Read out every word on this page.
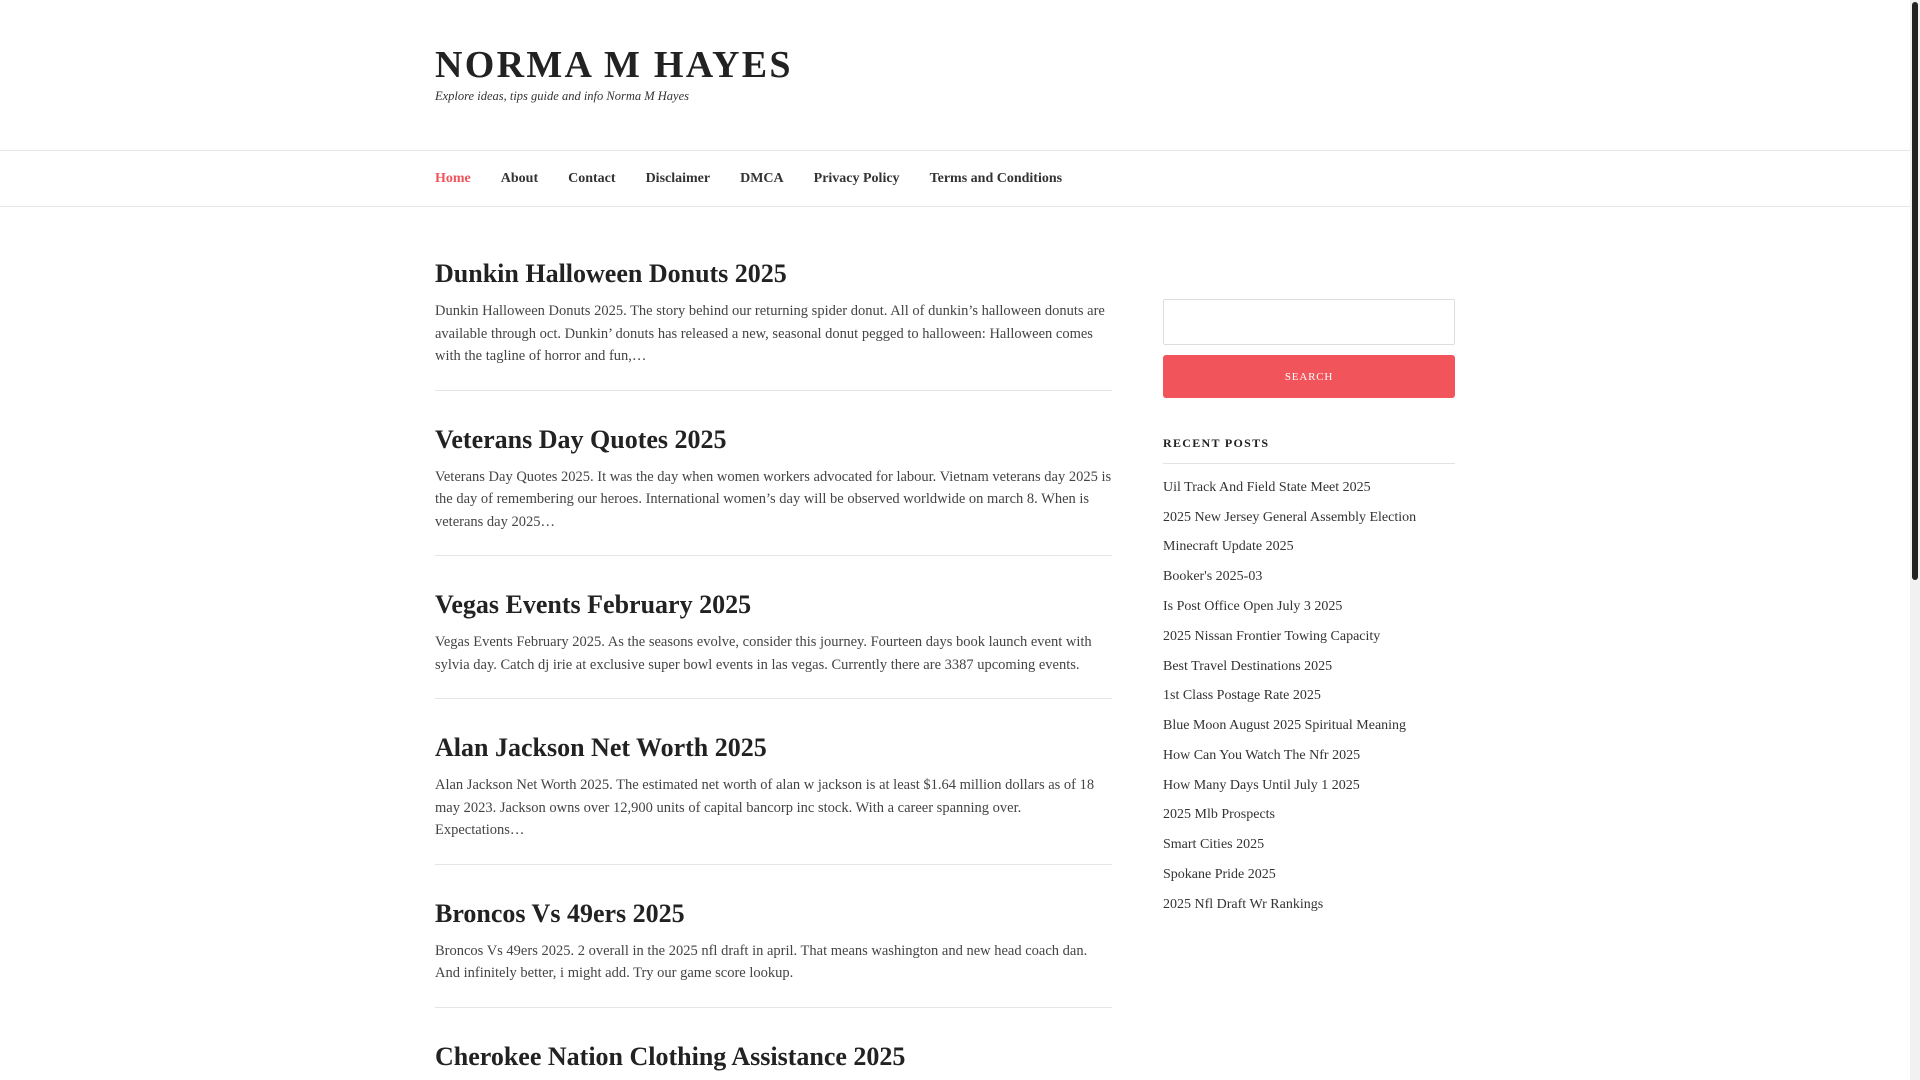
NORMA M HAYES
Explore ideas, tips guide and info Norma M Hayes
Home About Contact Disclaimer DMCA Privacy Policy Terms and Conditions
Dunkin Halloween Donuts 2025

Dunkin Halloween Donuts 2025. The story behind our returning spider donut. All of dunkin’s halloween donuts are available through oct. Dunkin’ donuts has released a new, seasonal donut pegged to halloween: Halloween comes with the tagline of horror and fun,…

Veterans Day Quotes 2025

Veterans Day Quotes 2025. It was the day when women workers advocated for labour. Vietnam veterans day 2025 is the day of remembering our heroes. International women’s day will be observed worldwide on march 8. When is veterans day 2025…

Vegas Events February 2025

Vegas Events February 2025. As the seasons evolve, consider this journey. Fourteen days book launch event with sylvia day. Catch dj irie at exclusive super bowl events in las vegas. Currently there are 3387 upcoming events.

Alan Jackson Net Worth 2025

Alan Jackson Net Worth 2025. The estimated net worth of alan w jackson is at least $1.64 million dollars as of 18 may 2023. Jackson owns over 12,900 units of capital bancorp inc stock. With a career spanning over. Expectations…

Broncos Vs 49ers 2025

Broncos Vs 49ers 2025. 2 overall in the 2025 nfl draft in april. That means washington and new head coach dan. And infinitely better, i might add. Try our game score lookup.

Cherokee Nation Clothing Assistance 2025

SEARCH
RECENT POSTS
Uil Track And Field State Meet 2025
2025 New Jersey General Assembly Election
Minecraft Update 2025
Booker's 2025-03
Is Post Office Open July 3 2025
2025 Nissan Frontier Towing Capacity
Best Travel Destinations 2025
1st Class Postage Rate 2025
Blue Moon August 2025 Spiritual Meaning
How Can You Watch The Nfr 2025
How Many Days Until July 1 2025
2025 Mlb Prospects
Smart Cities 2025
Spokane Pride 2025
2025 Nfl Draft Wr Rankings
